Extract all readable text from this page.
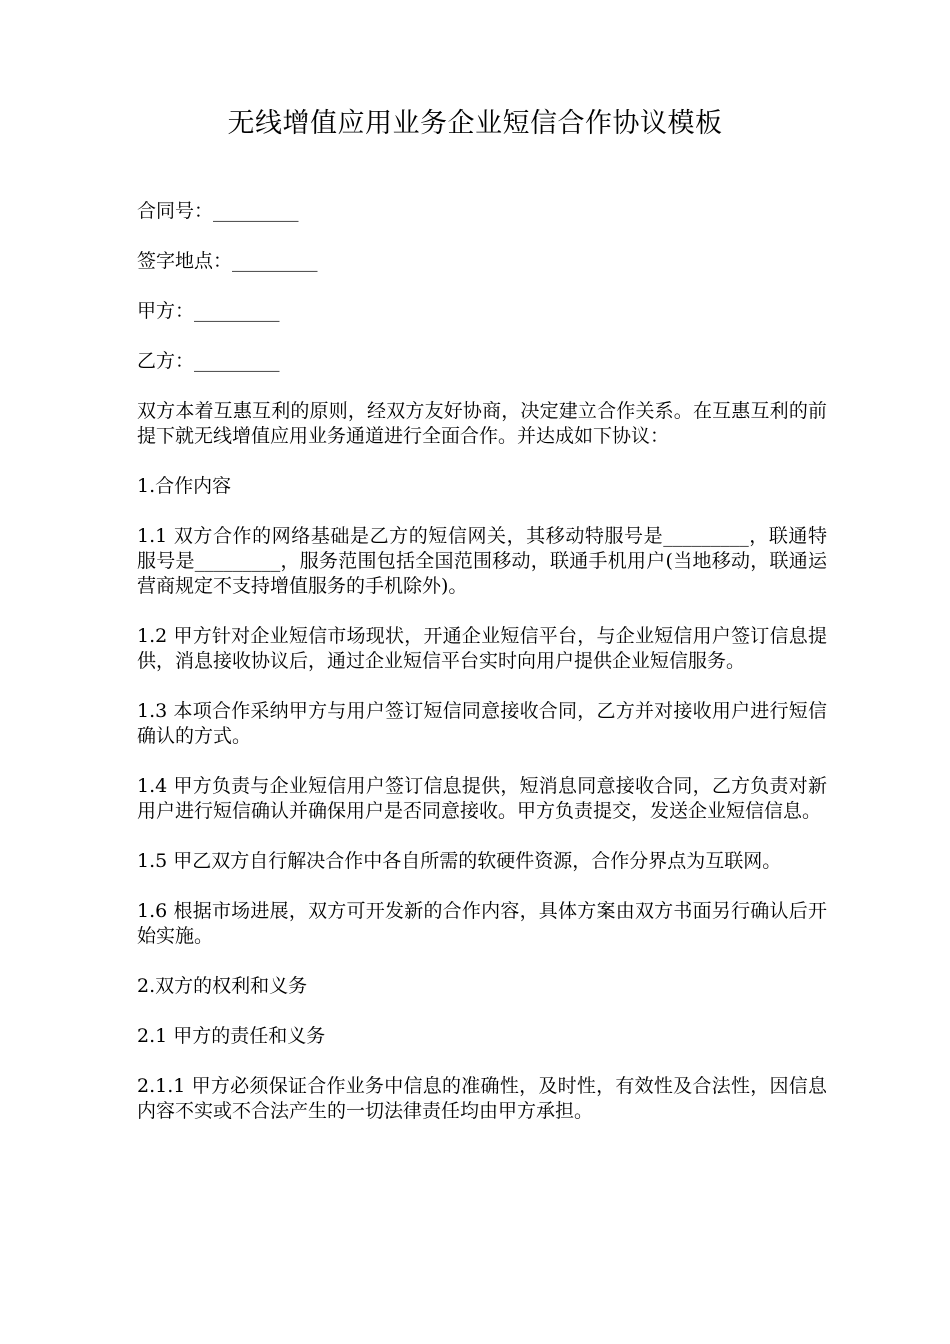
无线增值应用业务企业短信合作协议模板
合同号：_________
签字地点：_________
甲方：_________
乙方：_________

双方本着互惠互利的原则，经双方友好协商，决定建立合作关系。在互惠互利的前提下就无线增值应用业务通道进行全面合作。并达成如下协议：

1.合作内容

1.1 双方合作的网络基础是乙方的短信网关，其移动特服号是_________，联通特服号是_________，服务范围包括全国范围移动，联通手机用户(当地移动，联通运营商规定不支持增值服务的手机除外)。

1.2 甲方针对企业短信市场现状，开通企业短信平台，与企业短信用户签订信息提供，消息接收协议后，通过企业短信平台实时向用户提供企业短信服务。

1.3 本项合作采纳甲方与用户签订短信同意接收合同，乙方并对接收用户进行短信确认的方式。

1.4 甲方负责与企业短信用户签订信息提供，短消息同意接收合同，乙方负责对新用户进行短信确认并确保用户是否同意接收。甲方负责提交，发送企业短信信息。

1.5 甲乙双方自行解决合作中各自所需的软硬件资源，合作分界点为互联网。

1.6 根据市场进展，双方可开发新的合作内容，具体方案由双方书面另行确认后开始实施。

2.双方的权利和义务

2.1 甲方的责任和义务

2.1.1 甲方必须保证合作业务中信息的准确性，及时性，有效性及合法性，因信息内容不实或不合法产生的一切法律责任均由甲方承担。
